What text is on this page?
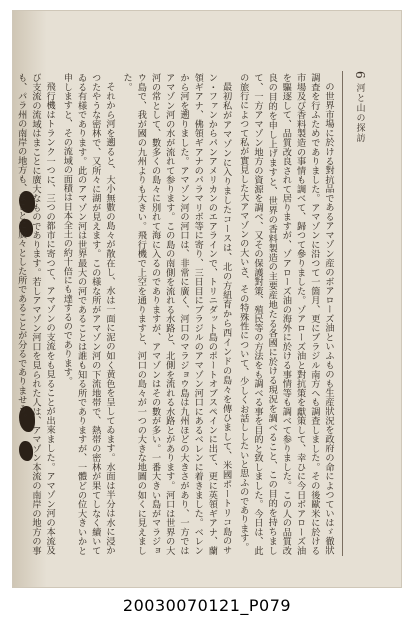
6
河と山の探訪

の世界市場に於ける對抗品であるアマゾン産のボアローズ油といふものも生産狀況を政府の命によつていはゞ徹狀調査を行ふためでありました。アマゾンに沿つて一箇月、更にブラジル南方へも調査しました。その後歐米に於ける市場及び香料製造の事情も調べて、歸つて參りました。ゾアローズ油と對抗策を獻策して、幸ひに今日ボアローズ油を驅逐して、品質改良されて居りますが、ゾアローズ油の海外に於ける事情等も調べて参りました。この人の品質改良の目的を申し上げますと、世界の香料製造の主要産地たる各國に於ける現況を調べること、この目的を持ちまして、一方アマゾン地方の資源を調べ、又その保護對策、殖民等の方法をも調べる事を目的と致しました。今日は、此の旅行によつて私が實見した大アマゾンの大いさ、その特殊性について、少しくお話ししたいと思ふのであります。

最初私がアマゾンに入りましたコースは、北の方紐育から西インドの島々を傳ひまして、米國ポートリコ島のサン・ファンからパンアメリカンのエアラインで、トリニダット島のポートオブスペインに出て、更に英領ギアナ、蘭領ギアナ、佛領ギアナのパラマリボ等に寄り、三日目にブラジルのアマゾン河口にあるベレンに着きました。ベレンから河を遡りました。アマゾン河の河口は、非常に廣く、河口のマラジョウ島は九州ほどの大きさがあり、一方ではアマゾン河の水が流れて参ります。この島の南側を流れる水路と、北側を流れる水路とがあります。河口は世界の大河の常として、數多くの島々に別れて海に入るのでありますが、アマゾンはその數が多い。一番大きい島がマラジョウ島で、我が國の九州よりも大きい。飛行機で上空を通りますと、河口の島々が一つの大きな地圖の如くに見えました。

それから河を遡ると、大小無數の島々が散在し、水は一面に泥の如く黄色を呈してゐます。水面は半分は水に浸かつたやうな密林で、又所々に湖が見えます。この様な所がアマゾン河の下流地帯で、熱帯の密林が果てしなく續いてゐる有様であります。此のアマゾン河は世界最大の河であることは誰も知る所でありますが、一體どの位大きいかと申しますと、その流域の面積は日本全土の約十倍にも達するのであります。

飛行機はトランク一つに、三つの都市に寄つて、アマゾンの支流をも見ることが出來ました。アマゾン河の本流及び支流の流域はまことに廣大なものであります。若しアマゾン河口を見られた人は、アマゾン本流の南岸の地方の事も、パラ州の南岸の地方も、まことに廣々とした所であることが分るでありませう。

20030070121_P079
